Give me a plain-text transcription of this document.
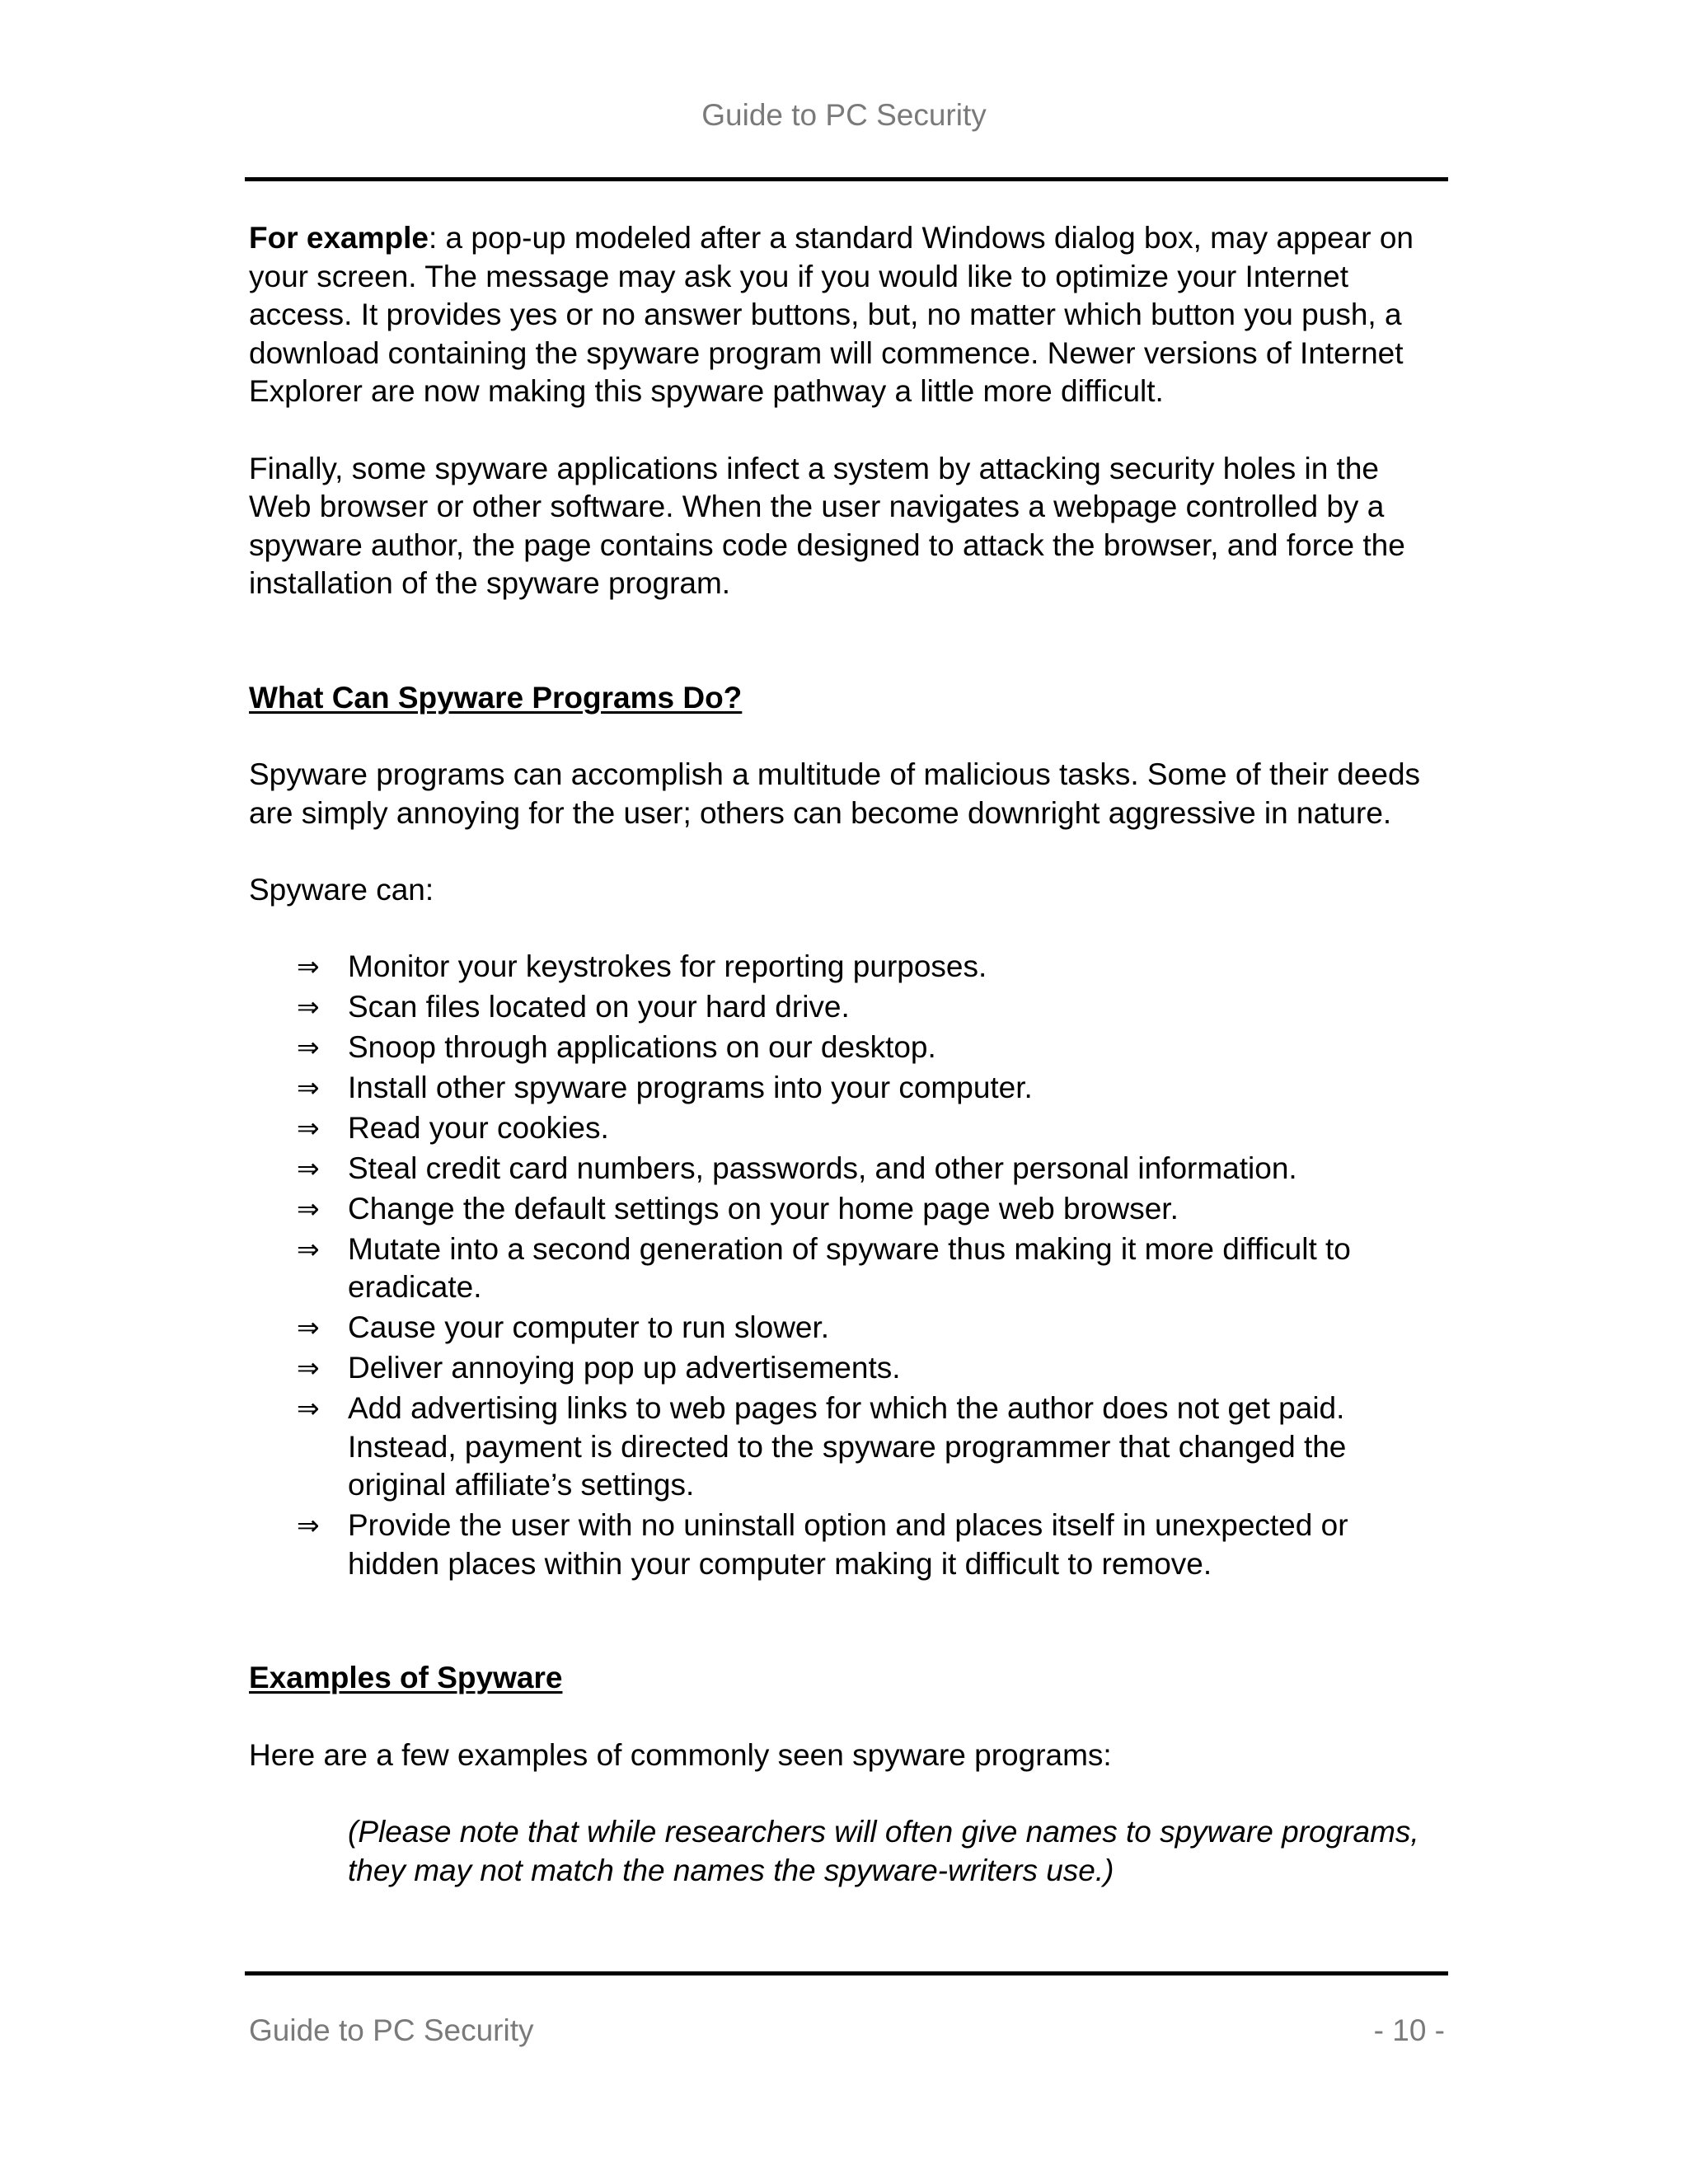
Guide to PC Security

For example: a pop-up modeled after a standard Windows dialog box, may appear on your screen. The message may ask you if you would like to optimize your Internet access. It provides yes or no answer buttons, but, no matter which button you push, a download containing the spyware program will commence. Newer versions of Internet Explorer are now making this spyware pathway a little more difficult.

Finally, some spyware applications infect a system by attacking security holes in the Web browser or other software. When the user navigates a webpage controlled by a spyware author, the page contains code designed to attack the browser, and force the installation of the spyware program.

What Can Spyware Programs Do?

Spyware programs can accomplish a multitude of malicious tasks. Some of their deeds are simply annoying for the user; others can become downright aggressive in nature.

Spyware can:

⇒ Monitor your keystrokes for reporting purposes.
⇒ Scan files located on your hard drive.
⇒ Snoop through applications on our desktop.
⇒ Install other spyware programs into your computer.
⇒ Read your cookies.
⇒ Steal credit card numbers, passwords, and other personal information.
⇒ Change the default settings on your home page web browser.
⇒ Mutate into a second generation of spyware thus making it more difficult to eradicate.
⇒ Cause your computer to run slower.
⇒ Deliver annoying pop up advertisements.
⇒ Add advertising links to web pages for which the author does not get paid. Instead, payment is directed to the spyware programmer that changed the original affiliate’s settings.
⇒ Provide the user with no uninstall option and places itself in unexpected or hidden places within your computer making it difficult to remove.

Examples of Spyware

Here are a few examples of commonly seen spyware programs:

(Please note that while researchers will often give names to spyware programs, they may not match the names the spyware-writers use.)

Guide to PC Security	- 10 -
